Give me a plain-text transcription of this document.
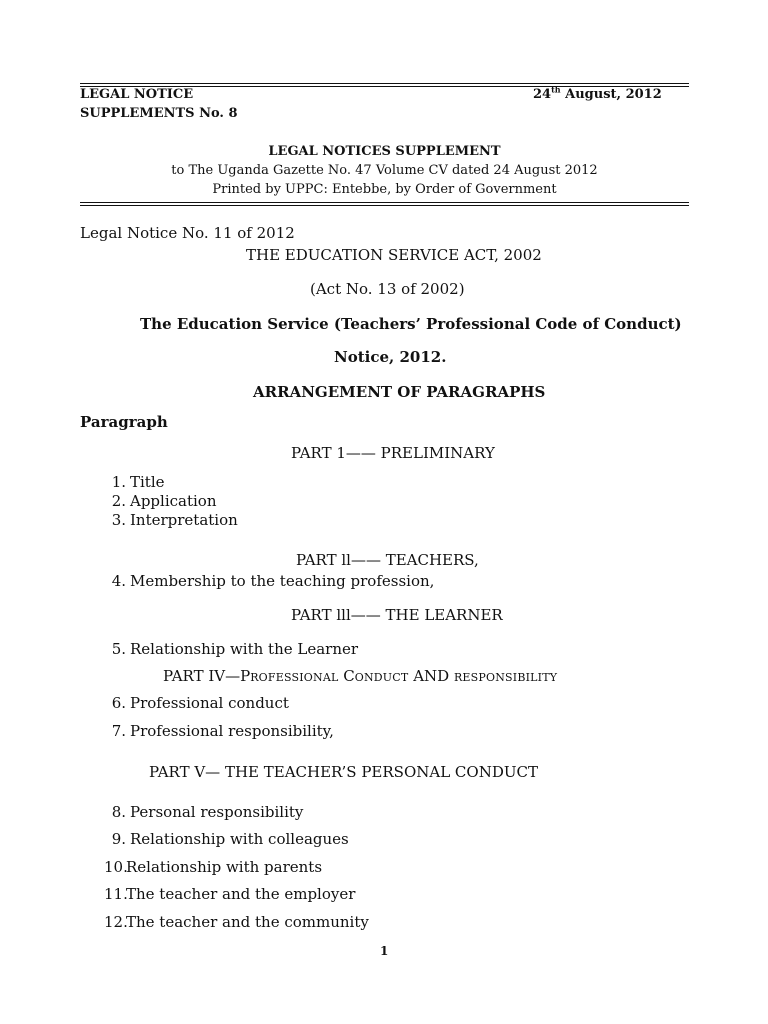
LEGAL NOTICE
SUPPLEMENTS No. 8
24th August, 2012
LEGAL NOTICES SUPPLEMENT
to The Uganda Gazette No. 47 Volume CV dated 24 August 2012
Printed by UPPC: Entebbe, by Order of Government
Legal Notice No. 11 of 2012
THE EDUCATION SERVICE ACT, 2002
(Act No. 13 of 2002)
The Education Service (Teachers’ Professional Code of Conduct)
Notice, 2012.
ARRANGEMENT OF PARAGRAPHS
Paragraph
PART 1—— PRELIMINARY
1. Title
2. Application
3. Interpretation
PART ll—— TEACHERS,
4. Membership to the teaching profession,
PART lll—— THE LEARNER
5. Relationship with the Learner
PART IV—PROFESSIONAL CONDUCT AND RESPONSIBILITY
6. Professional conduct
7. Professional responsibility,
PART V— THE TEACHER’S PERSONAL CONDUCT
8. Personal responsibility
9. Relationship with colleagues
10.Relationship with parents
11.The teacher and the employer
12.The teacher and the community
1
